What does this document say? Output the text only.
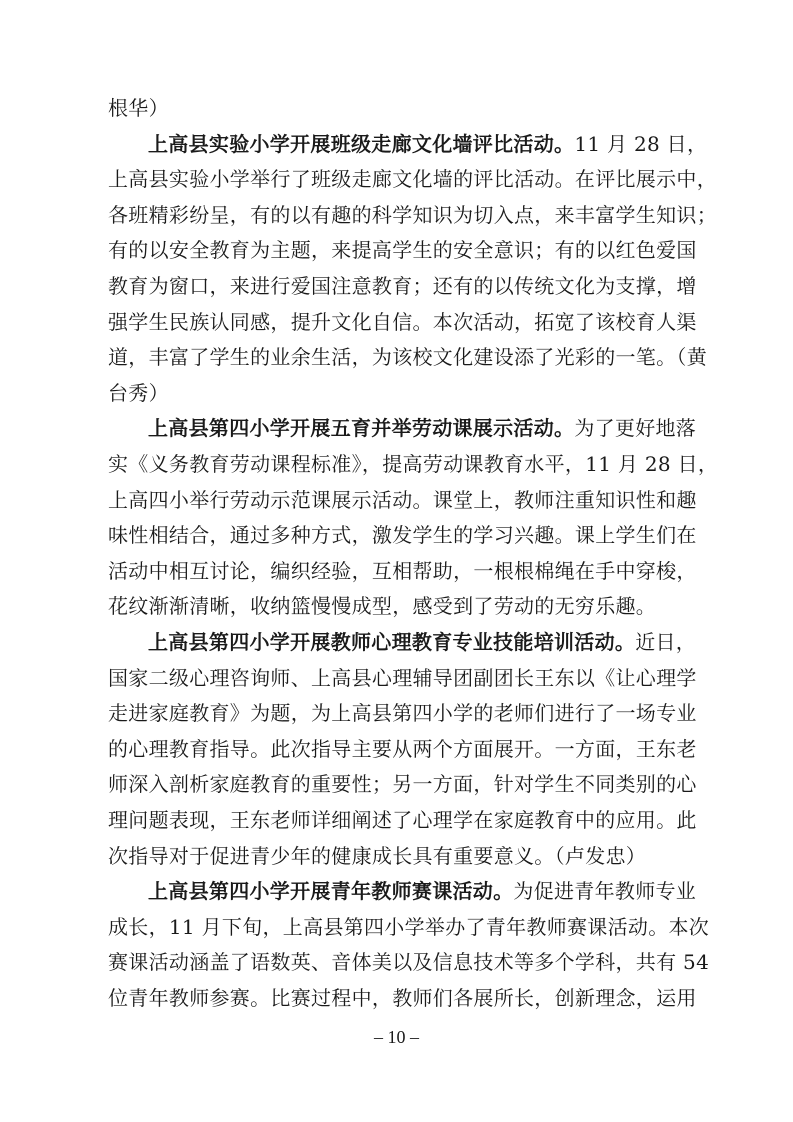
根华）
上高县实验小学开展班级走廊文化墙评比活动。11 月 28 日，
上高县实验小学举行了班级走廊文化墙的评比活动。在评比展示中，
各班精彩纷呈，有的以有趣的科学知识为切入点，来丰富学生知识；
有的以安全教育为主题，来提高学生的安全意识；有的以红色爱国
教育为窗口，来进行爱国注意教育；还有的以传统文化为支撑，增
强学生民族认同感，提升文化自信。本次活动，拓宽了该校育人渠
道，丰富了学生的业余生活，为该校文化建设添了光彩的一笔。（黄
台秀）
上高县第四小学开展五育并举劳动课展示活动。为了更好地落
实《义务教育劳动课程标准》，提高劳动课教育水平，11 月 28 日，
上高四小举行劳动示范课展示活动。课堂上，教师注重知识性和趣
味性相结合，通过多种方式，激发学生的学习兴趣。课上学生们在
活动中相互讨论，编织经验，互相帮助，一根根棉绳在手中穿梭，
花纹渐渐清晰，收纳篮慢慢成型，感受到了劳动的无穷乐趣。
上高县第四小学开展教师心理教育专业技能培训活动。近日，
国家二级心理咨询师、上高县心理辅导团副团长王东以《让心理学
走进家庭教育》为题，为上高县第四小学的老师们进行了一场专业
的心理教育指导。此次指导主要从两个方面展开。一方面，王东老
师深入剖析家庭教育的重要性；另一方面，针对学生不同类别的心
理问题表现，王东老师详细阐述了心理学在家庭教育中的应用。此
次指导对于促进青少年的健康成长具有重要意义。（卢发忠）
上高县第四小学开展青年教师赛课活动。为促进青年教师专业
成长，11 月下旬，上高县第四小学举办了青年教师赛课活动。本次
赛课活动涵盖了语数英、音体美以及信息技术等多个学科，共有 54
位青年教师参赛。比赛过程中，教师们各展所长，创新理念，运用
– 10 –
